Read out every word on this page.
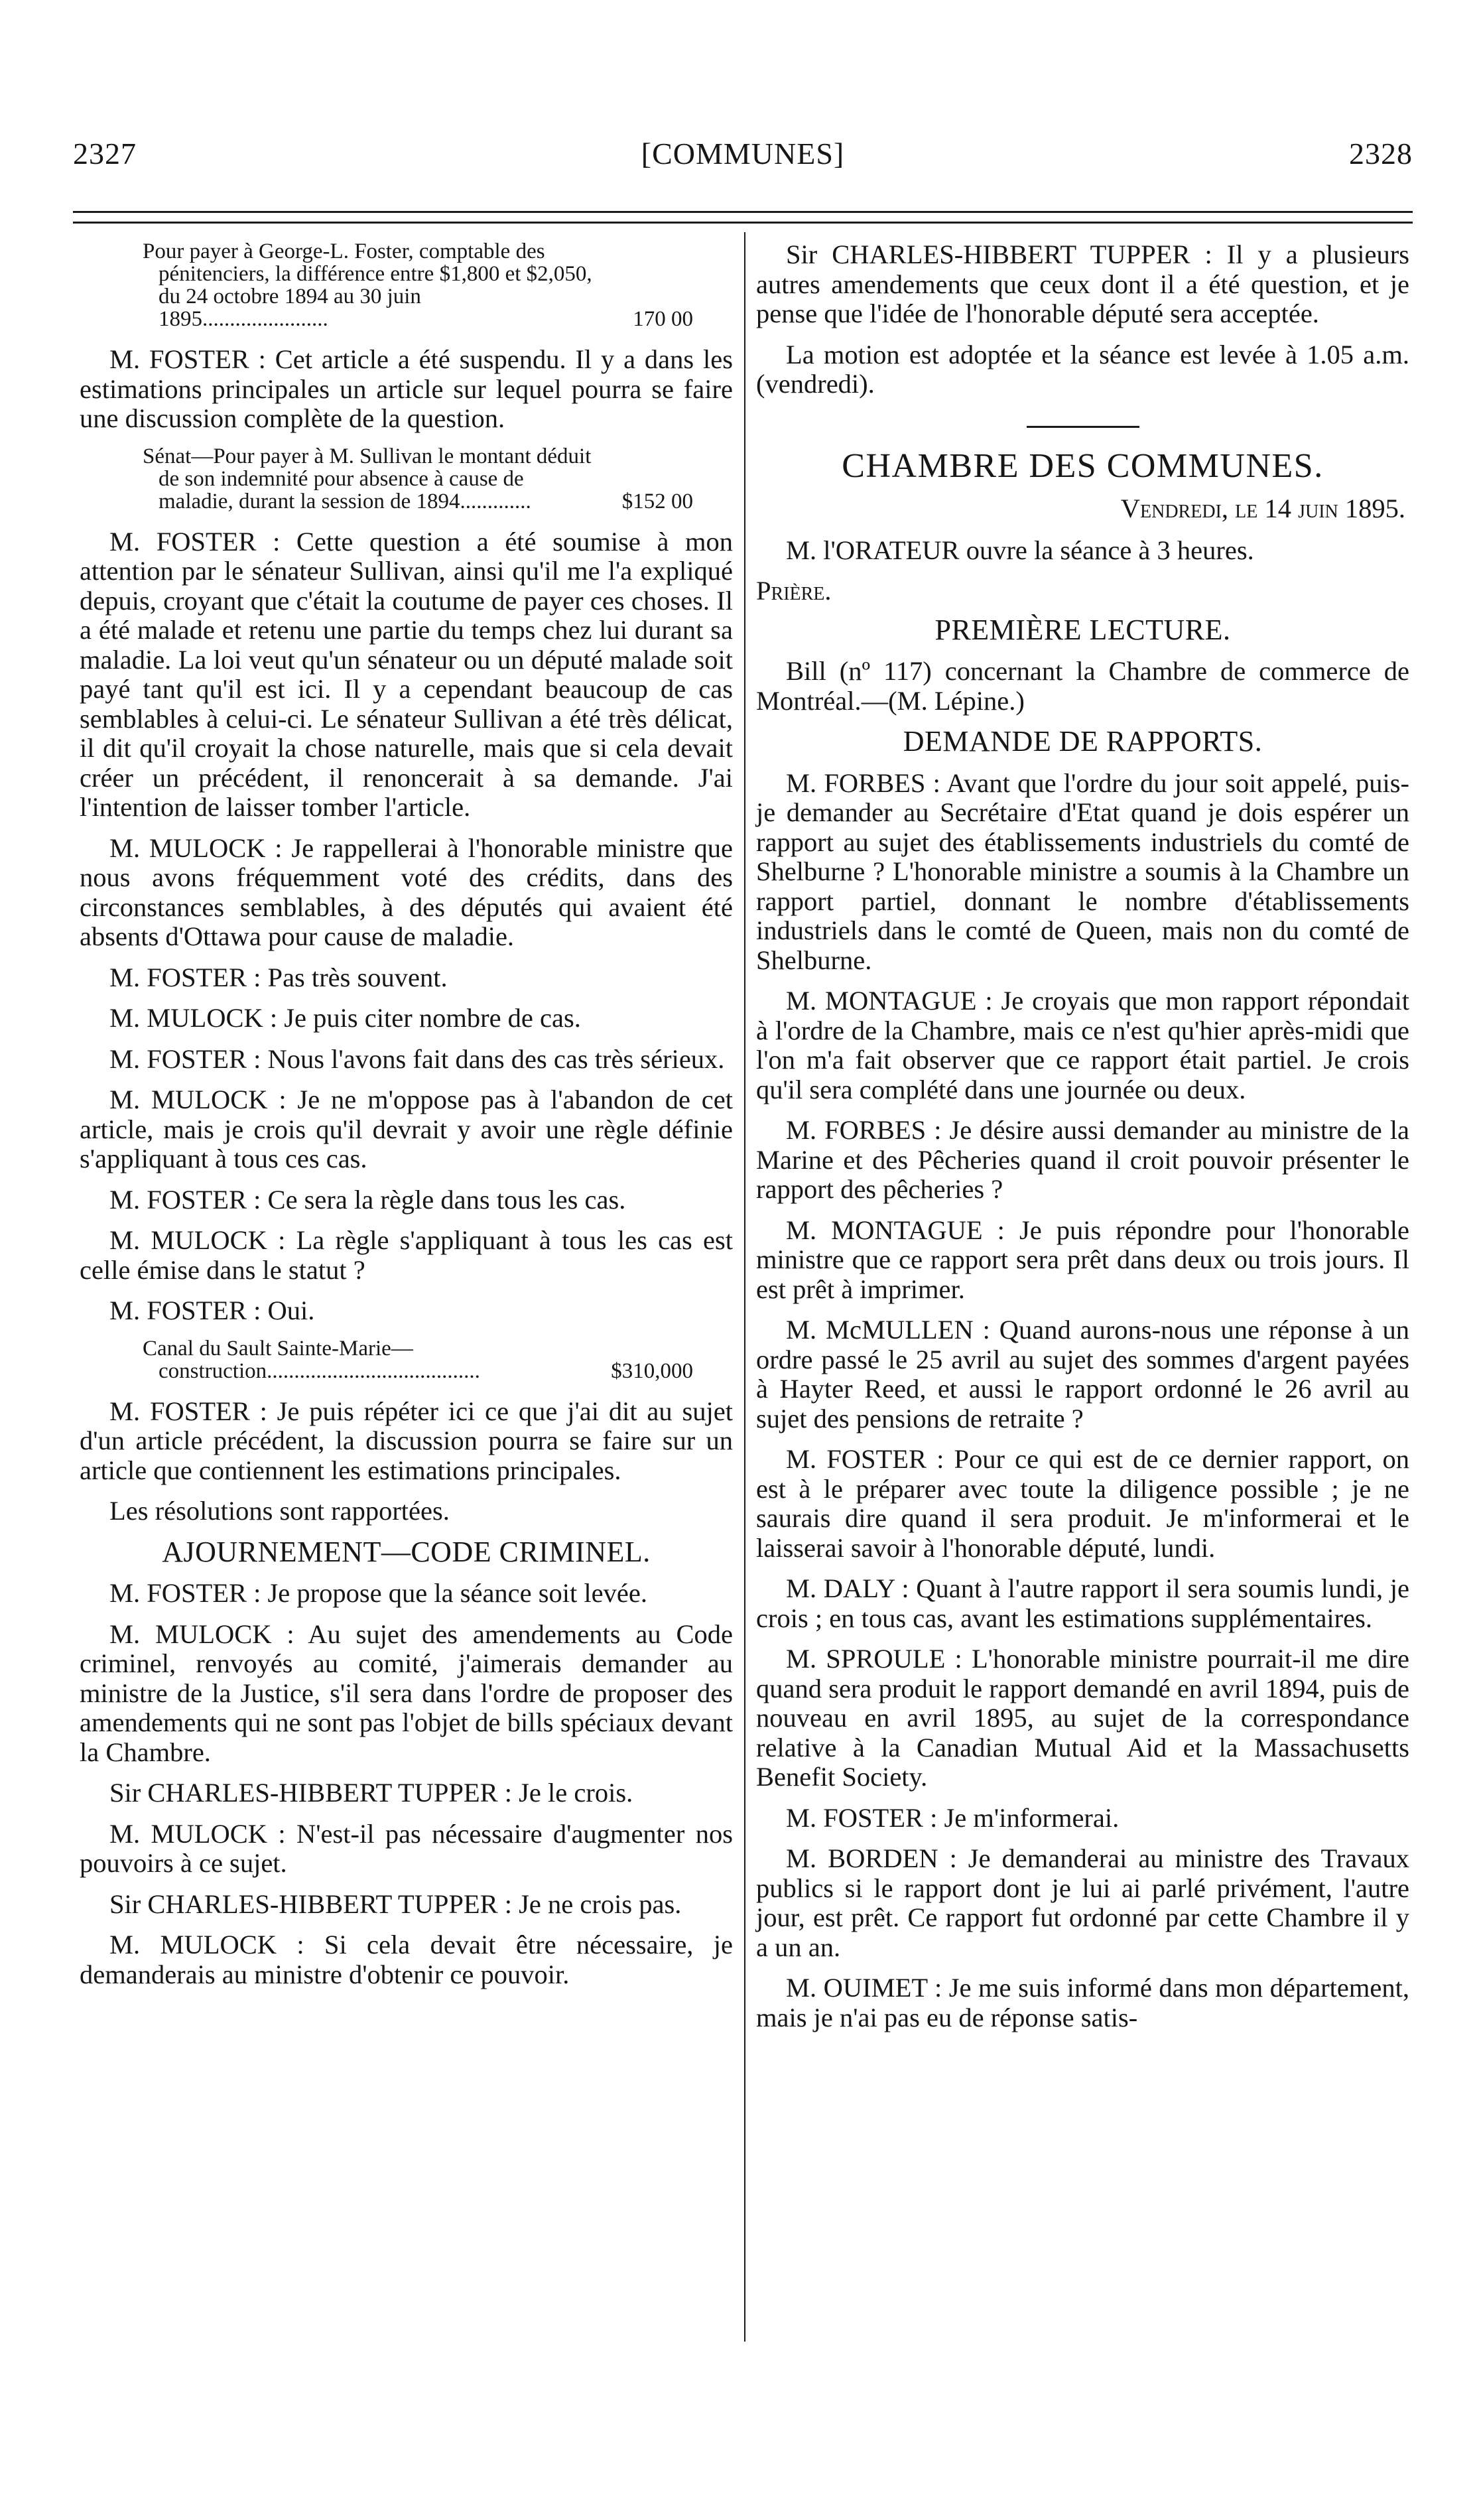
2327	[COMMUNES]	2328
Pour payer à George-L. Foster, comptable des pénitenciers, la différence entre $1,800 et $2,050, du 24 octobre 1894 au 30 juin 1895.......................	170 00

M. FOSTER : Cet article a été suspendu. Il y a dans les estimations principales un article sur lequel pourra se faire une discussion complète de la question.

Sénat—Pour payer à M. Sullivan le montant déduit de son indemnité pour absence à cause de maladie, durant la session de 1894.............	$152 00

M. FOSTER : Cette question a été soumise à mon attention par le sénateur Sullivan, ainsi qu'il me l'a expliqué depuis, croyant que c'était la coutume de payer ces choses. Il a été malade et retenu une partie du temps chez lui durant sa maladie. La loi veut qu'un sénateur ou un député malade soit payé tant qu'il est ici. Il y a cependant beaucoup de cas semblables à celui-ci. Le sénateur Sullivan a été très délicat, il dit qu'il croyait la chose naturelle, mais que si cela devait créer un précédent, il renoncerait à sa demande. J'ai l'intention de laisser tomber l'article.

M. MULOCK : Je rappellerai à l'honorable ministre que nous avons fréquemment voté des crédits, dans des circonstances semblables, à des députés qui avaient été absents d'Ottawa pour cause de maladie.

M. FOSTER : Pas très souvent.

M. MULOCK : Je puis citer nombre de cas.

M. FOSTER : Nous l'avons fait dans des cas très sérieux.

M. MULOCK : Je ne m'oppose pas à l'abandon de cet article, mais je crois qu'il devrait y avoir une règle définie s'appliquant à tous ces cas.

M. FOSTER : Ce sera la règle dans tous les cas.

M. MULOCK : La règle s'appliquant à tous les cas est celle émise dans le statut ?

M. FOSTER : Oui.

Canal du Sault Sainte-Marie—construction.......................................	$310,000

M. FOSTER : Je puis répéter ici ce que j'ai dit au sujet d'un article précédent, la discussion pourra se faire sur un article que contiennent les estimations principales.

Les résolutions sont rapportées.

AJOURNEMENT—CODE CRIMINEL.

M. FOSTER : Je propose que la séance soit levée.

M. MULOCK : Au sujet des amendements au Code criminel, renvoyés au comité, j'aimerais demander au ministre de la Justice, s'il sera dans l'ordre de proposer des amendements qui ne sont pas l'objet de bills spéciaux devant la Chambre.

Sir CHARLES-HIBBERT TUPPER : Je le crois.

M. MULOCK : N'est-il pas nécessaire d'augmenter nos pouvoirs à ce sujet.

Sir CHARLES-HIBBERT TUPPER : Je ne crois pas.

M. MULOCK : Si cela devait être nécessaire, je demanderais au ministre d'obtenir ce pouvoir.

Sir CHARLES-HIBBERT TUPPER : Il y a plusieurs autres amendements que ceux dont il a été question, et je pense que l'idée de l'honorable député sera acceptée.

La motion est adoptée et la séance est levée à 1.05 a.m. (vendredi).

CHAMBRE DES COMMUNES.
Vendredi, le 14 juin 1895.

M. l'ORATEUR ouvre la séance à 3 heures.

Prière.
PREMIÈRE LECTURE.

Bill (nº 117) concernant la Chambre de commerce de Montréal.—(M. Lépine.)

DEMANDE DE RAPPORTS.

M. FORBES : Avant que l'ordre du jour soit appelé, puis-je demander au Secrétaire d'Etat quand je dois espérer un rapport au sujet des établissements industriels du comté de Shelburne ? L'honorable ministre a soumis à la Chambre un rapport partiel, donnant le nombre d'établissements industriels dans le comté de Queen, mais non du comté de Shelburne.

M. MONTAGUE : Je croyais que mon rapport répondait à l'ordre de la Chambre, mais ce n'est qu'hier après-midi que l'on m'a fait observer que ce rapport était partiel. Je crois qu'il sera complété dans une journée ou deux.

M. FORBES : Je désire aussi demander au ministre de la Marine et des Pêcheries quand il croit pouvoir présenter le rapport des pêcheries ?

M. MONTAGUE : Je puis répondre pour l'honorable ministre que ce rapport sera prêt dans deux ou trois jours. Il est prêt à imprimer.

M. McMULLEN : Quand aurons-nous une réponse à un ordre passé le 25 avril au sujet des sommes d'argent payées à Hayter Reed, et aussi le rapport ordonné le 26 avril au sujet des pensions de retraite ?

M. FOSTER : Pour ce qui est de ce dernier rapport, on est à le préparer avec toute la diligence possible ; je ne saurais dire quand il sera produit. Je m'informerai et le laisserai savoir à l'honorable député, lundi.

M. DALY : Quant à l'autre rapport il sera soumis lundi, je crois ; en tous cas, avant les estimations supplémentaires.

M. SPROULE : L'honorable ministre pourrait-il me dire quand sera produit le rapport demandé en avril 1894, puis de nouveau en avril 1895, au sujet de la correspondance relative à la Canadian Mutual Aid et la Massachusetts Benefit Society.

M. FOSTER : Je m'informerai.

M. BORDEN : Je demanderai au ministre des Travaux publics si le rapport dont je lui ai parlé privément, l'autre jour, est prêt. Ce rapport fut ordonné par cette Chambre il y a un an.

M. OUIMET : Je me suis informé dans mon département, mais je n'ai pas eu de réponse satis-
